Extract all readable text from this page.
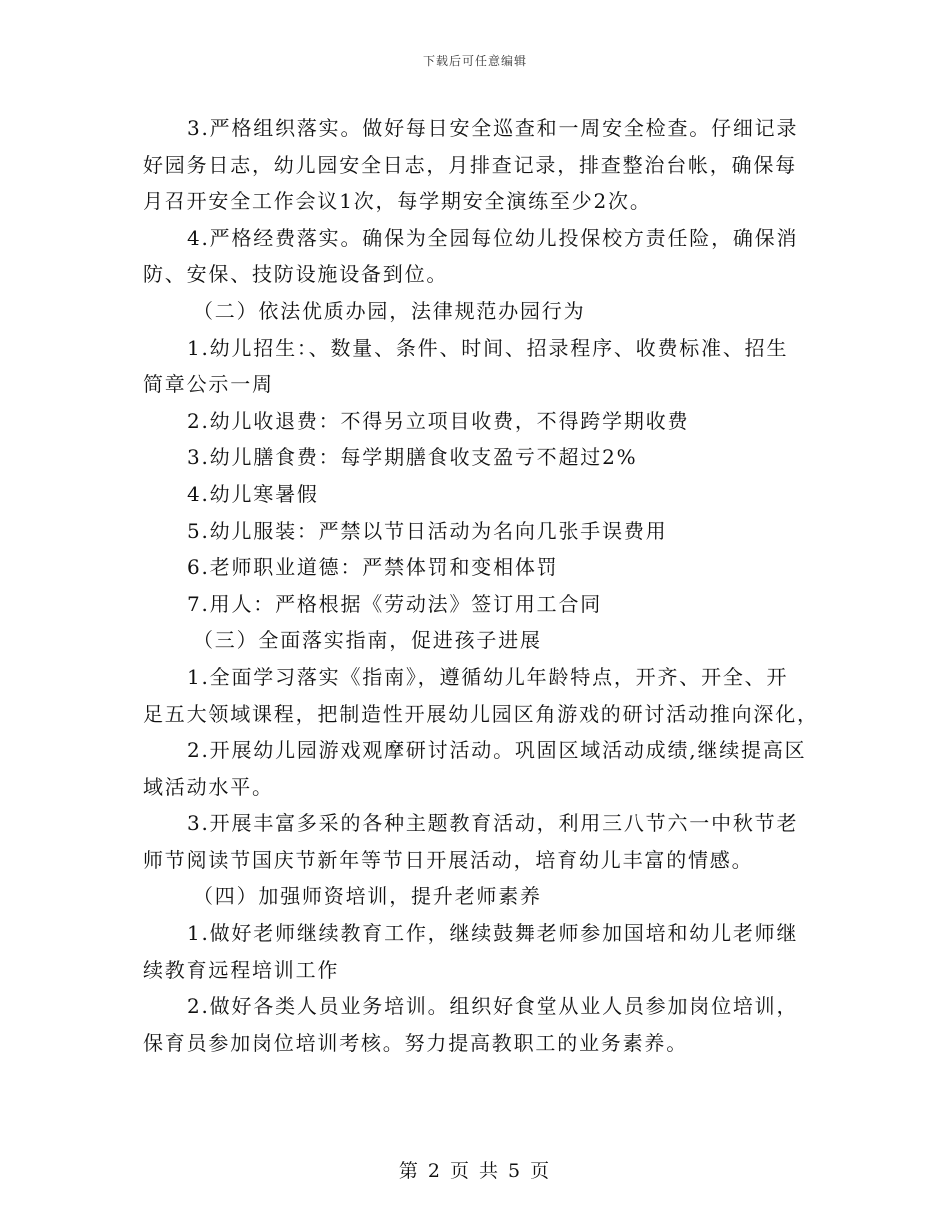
下载后可任意编辑
3.严格组织落实。做好每日安全巡查和一周安全检查。仔细记录
好园务日志，幼儿园安全日志，月排查记录，排查整治台帐，确保每
月召开安全工作会议1次，每学期安全演练至少2次。
4.严格经费落实。确保为全园每位幼儿投保校方责任险，确保消
防、安保、技防设施设备到位。
（二）依法优质办园，法律规范办园行为
1.幼儿招生：、数量、条件、时间、招录程序、收费标准、招生
简章公示一周
2.幼儿收退费：不得另立项目收费，不得跨学期收费
3.幼儿膳食费：每学期膳食收支盈亏不超过2%
4.幼儿寒暑假
5.幼儿服装：严禁以节日活动为名向几张手误费用
6.老师职业道德：严禁体罚和变相体罚
7.用人：严格根据《劳动法》签订用工合同
（三）全面落实指南，促进孩子进展
1.全面学习落实《指南》，遵循幼儿年龄特点，开齐、开全、开
足五大领域课程，把制造性开展幼儿园区角游戏的研讨活动推向深化，
2.开展幼儿园游戏观摩研讨活动。巩固区域活动成绩,继续提高区
域活动水平。
3.开展丰富多采的各种主题教育活动，利用三八节六一中秋节老
师节阅读节国庆节新年等节日开展活动，培育幼儿丰富的情感。
（四）加强师资培训，提升老师素养
1.做好老师继续教育工作，继续鼓舞老师参加国培和幼儿老师继
续教育远程培训工作
2.做好各类人员业务培训。组织好食堂从业人员参加岗位培训，
保育员参加岗位培训考核。努力提高教职工的业务素养。
第 2 页 共 5 页
